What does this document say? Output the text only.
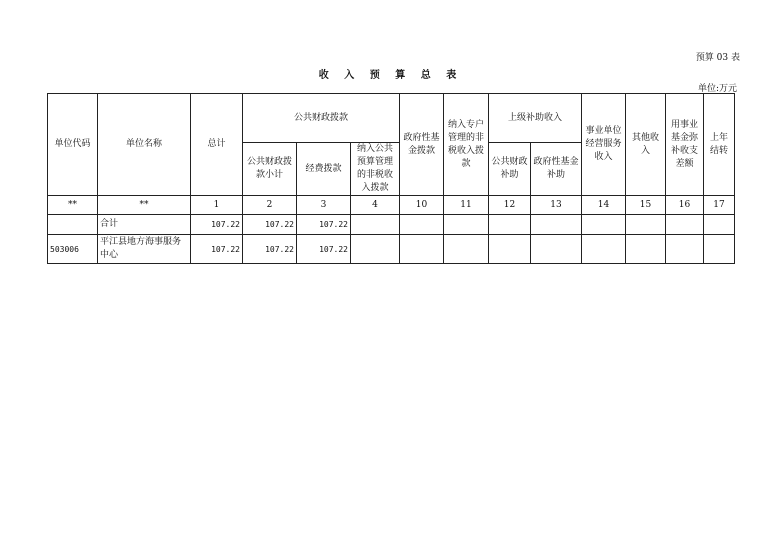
预算 03 表
收 入 预 算 总 表
单位:万元
单位代码	单位名称	总计	公共财政拨款			政府性基金拨款	纳入专户管理的非税收入拨款	上级补助收入		事业单位经营服务收入	其他收入	用事业基金弥补收支差额	上年结转
			公共财政拨款小计	经费拨款	纳入公共预算管理的非税收入拨款			公共财政补助	政府性基金补助				
**	**	1	2	3	4	10	11	12	13	14	15	16	17
	合计	107.22	107.22	107.22									
503006	平江县地方海事服务中心	107.22	107.22	107.22									
